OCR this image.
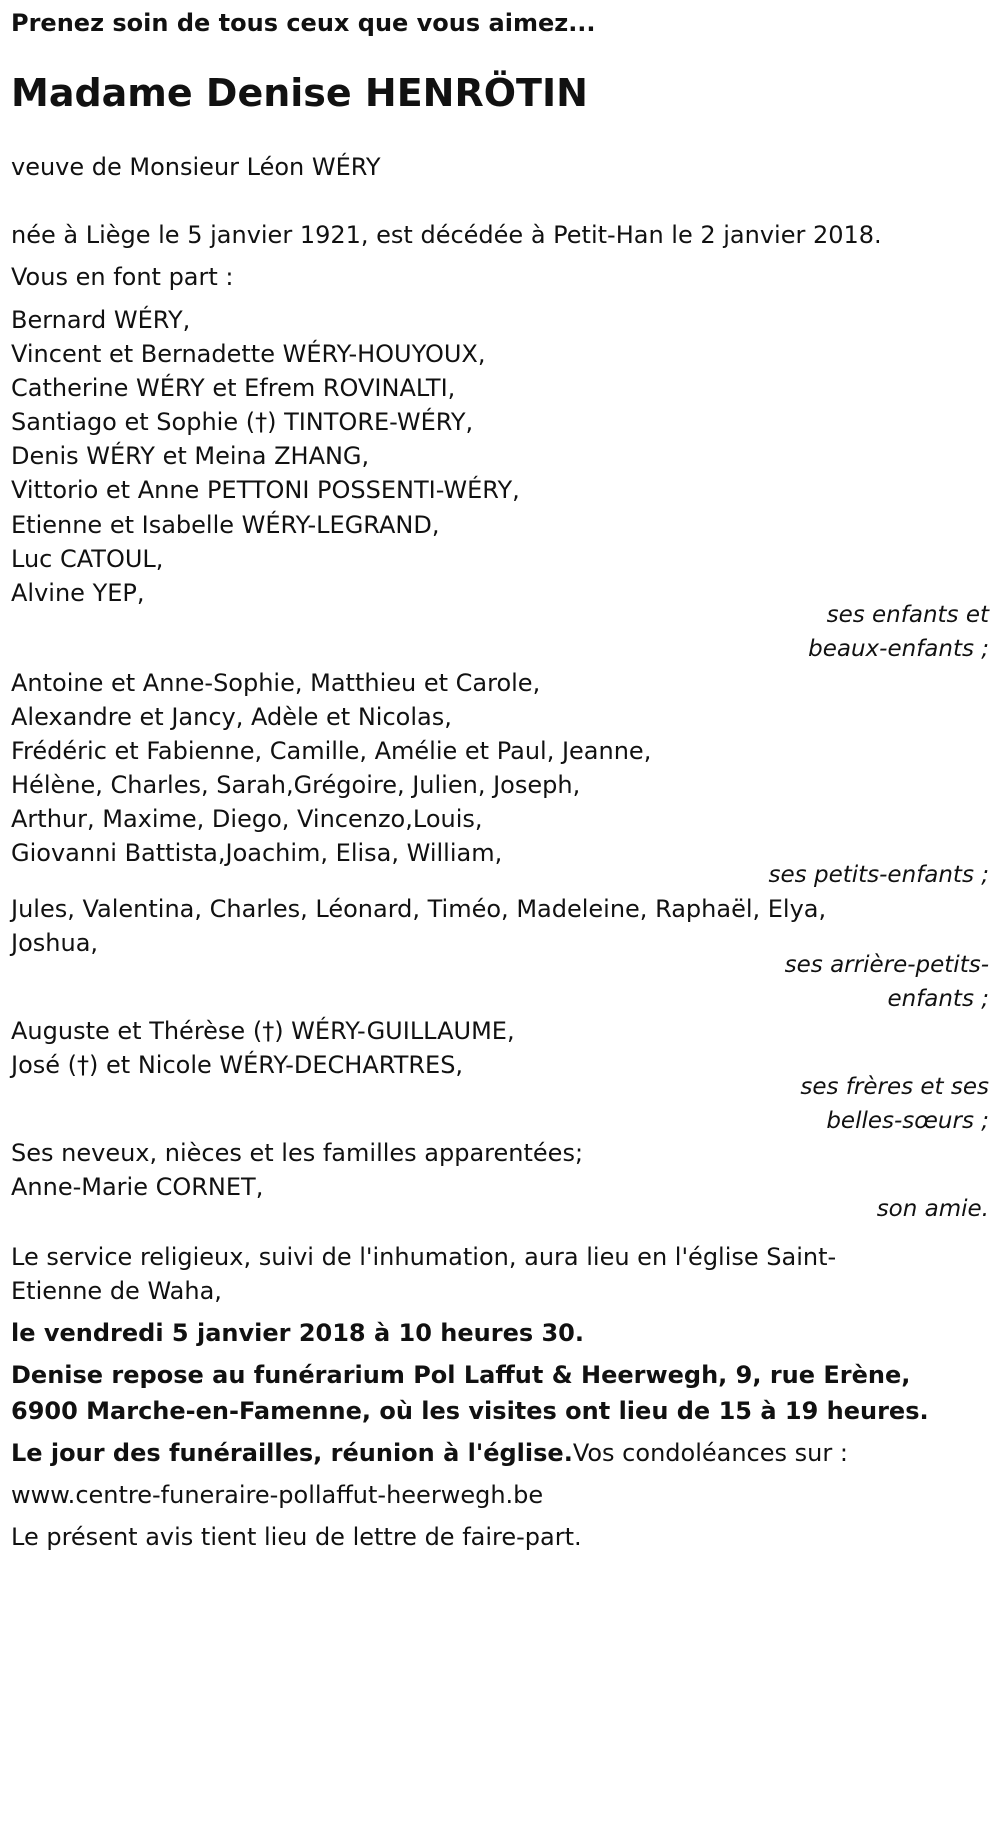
Prenez soin de tous ceux que vous aimez...

Madame Denise HENRÖTIN

veuve de Monsieur Léon WÉRY

née à Liège le 5 janvier 1921, est décédée à Petit-Han le 2 janvier 2018.

Vous en font part :

Bernard WÉRY,

Vincent et Bernadette WÉRY-HOUYOUX,

Catherine WÉRY et Efrem ROVINALTI,

Santiago et Sophie (†) TINTORE-WÉRY,

Denis WÉRY et Meina ZHANG,

Vittorio et Anne PETTONI POSSENTI-WÉRY,

Etienne et Isabelle WÉRY-LEGRAND,

Luc CATOUL,

Alvine YEP,

ses enfants et

beaux-enfants ;

Antoine et Anne-Sophie, Matthieu et Carole,

Alexandre et Jancy, Adèle et Nicolas,

Frédéric et Fabienne, Camille, Amélie et Paul, Jeanne,

Hélène, Charles, Sarah,Grégoire, Julien, Joseph,

Arthur, Maxime, Diego, Vincenzo,Louis,

Giovanni Battista,Joachim, Elisa, William,

ses petits-enfants ;

Jules, Valentina, Charles, Léonard, Timéo, Madeleine, Raphaël, Elya,

Joshua,

ses arrière-petits-

enfants ;

Auguste et Thérèse (†) WÉRY-GUILLAUME,

José (†) et Nicole WÉRY-DECHARTRES,

ses frères et ses

belles-sœurs ;

Ses neveux, nièces et les familles apparentées;

Anne-Marie CORNET,

son amie.

Le service religieux, suivi de l'inhumation, aura lieu en l'église Saint-

Etienne de Waha,

le vendredi 5 janvier 2018 à 10 heures 30.

Denise repose au funérarium Pol Laffut & Heerwegh, 9, rue Erène,

6900 Marche-en-Famenne, où les visites ont lieu de 15 à 19 heures.

Le jour des funérailles, réunion à l'église.Vos condoléances sur :

www.centre-funeraire-pollaffut-heerwegh.be

Le présent avis tient lieu de lettre de faire-part.
